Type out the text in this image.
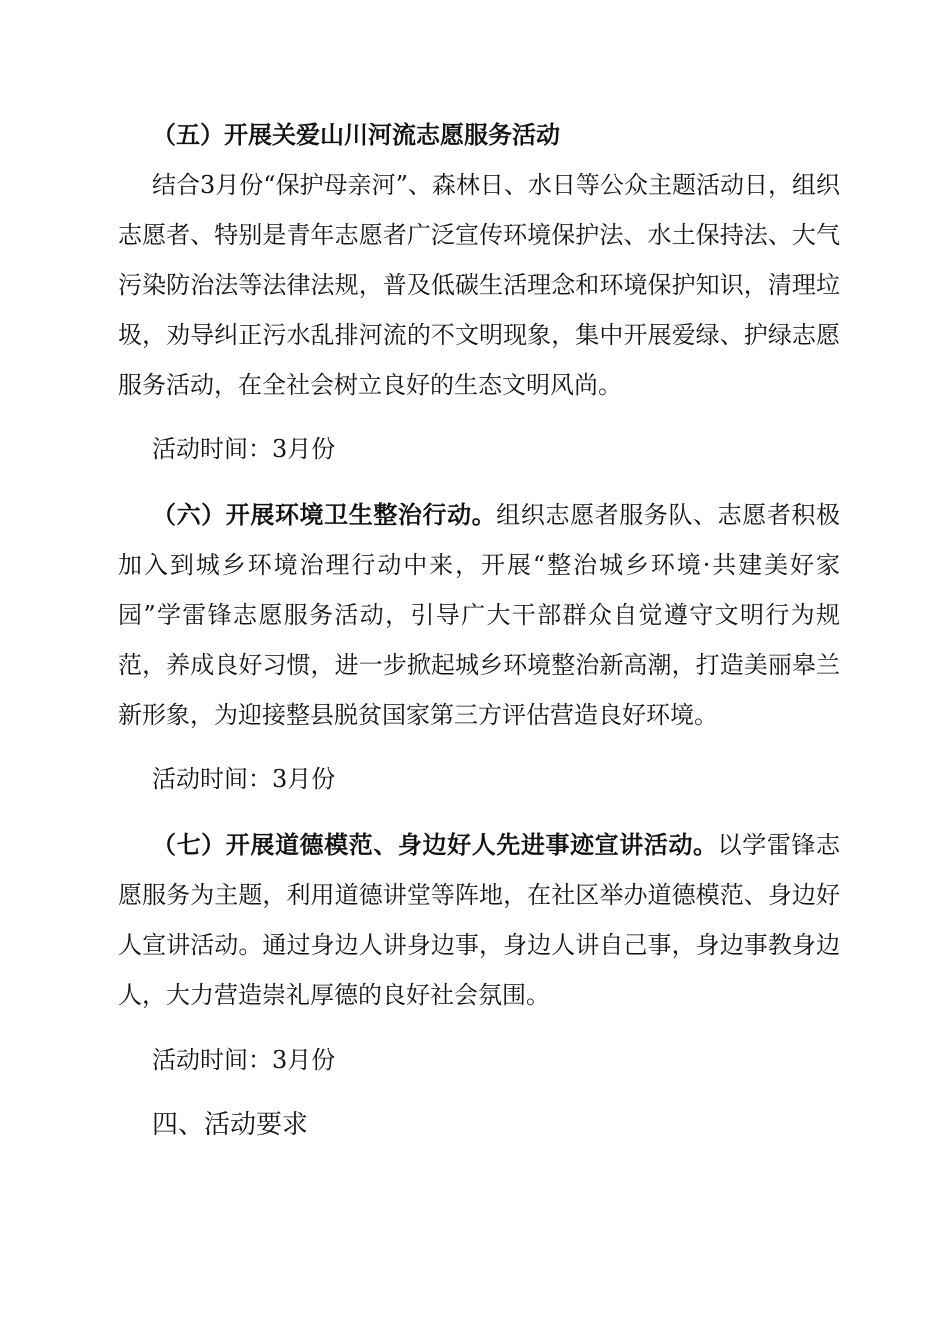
（五）开展关爱山川河流志愿服务活动

结合3月份“保护母亲河”、森林日、水日等公众主题活动日，组织志愿者、特别是青年志愿者广泛宣传环境保护法、水土保持法、大气污染防治法等法律法规，普及低碳生活理念和环境保护知识，清理垃圾，劝导纠正污水乱排河流的不文明现象，集中开展爱绿、护绿志愿服务活动，在全社会树立良好的生态文明风尚。

活动时间：3月份

（六）开展环境卫生整治行动。组织志愿者服务队、志愿者积极加入到城乡环境治理行动中来，开展“整治城乡环境·共建美好家园”学雷锋志愿服务活动，引导广大干部群众自觉遵守文明行为规范，养成良好习惯，进一步掀起城乡环境整治新高潮，打造美丽皋兰新形象，为迎接整县脱贫国家第三方评估营造良好环境。

活动时间：3月份

（七）开展道德模范、身边好人先进事迹宣讲活动。以学雷锋志愿服务为主题，利用道德讲堂等阵地，在社区举办道德模范、身边好人宣讲活动。通过身边人讲身边事，身边人讲自己事，身边事教身边人，大力营造崇礼厚德的良好社会氛围。

活动时间：3月份

四、活动要求
